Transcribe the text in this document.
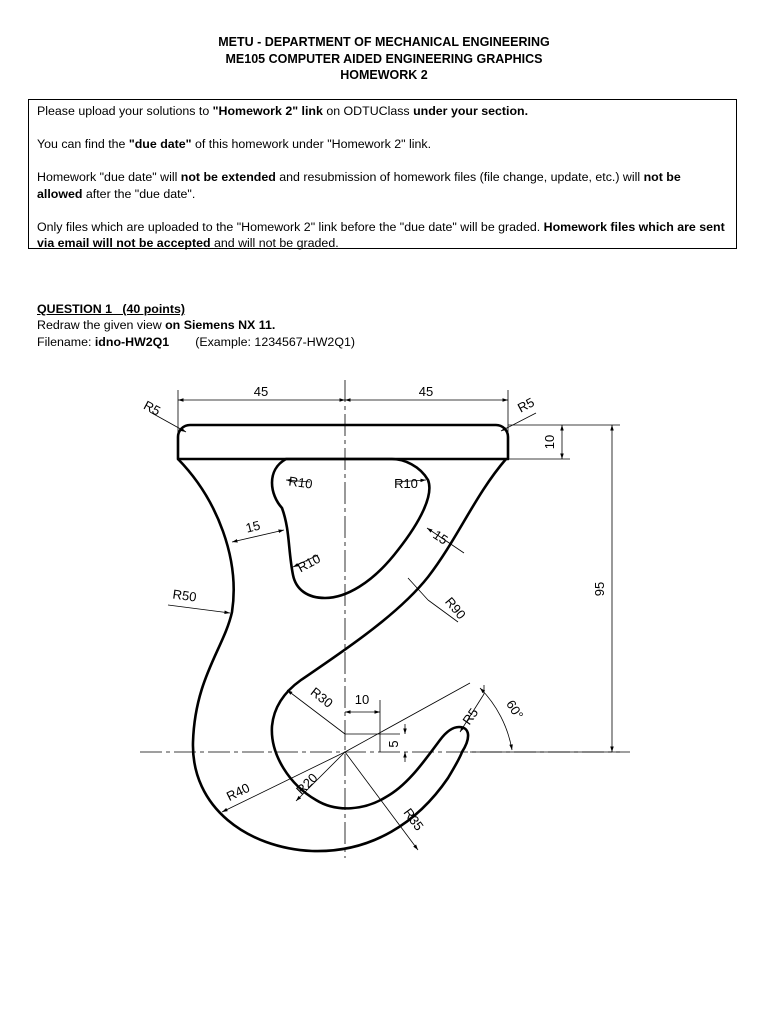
METU - DEPARTMENT OF MECHANICAL ENGINEERING
ME105 COMPUTER AIDED ENGINEERING GRAPHICS
HOMEWORK 2

Please upload your solutions to "Homework 2" link on ODTUClass under your section.

You can find the "due date" of this homework under "Homework 2" link.

Homework "due date" will not be extended and resubmission of homework files (file change, update, etc.) will not be allowed after the "due date".

Only files which are uploaded to the "Homework 2" link before the "due date" will be graded. Homework files which are sent via email will not be accepted and will not be graded.

QUESTION 1   (40 points)
Redraw the given view on Siemens NX 11.
Filename: idno-HW2Q1 (Example: 1234567-HW2Q1)
45	45
R5	R5
10
95
R10	R10
R10
15
15
R50	R90
R30 10
5
R5 60°
R40	R20
R35
